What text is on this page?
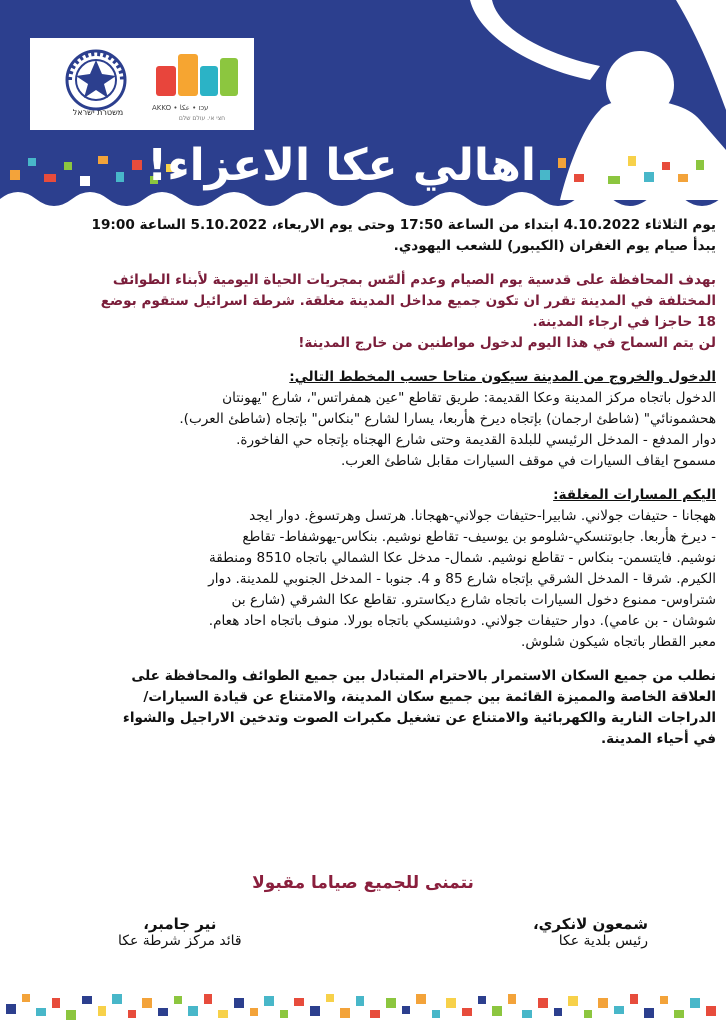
משטרת ישראל	AKKO • עכו • عكا
חצי אי. עולם שלם
اهالي عكا الاعزاء!

يوم الثلاثاء 4.10.2022 ابتداء من الساعة 17:50 وحتى يوم الاربعاء، 5.10.2022 الساعة 19:00

يبدأ صيام يوم الغفران (الكيبور) للشعب اليهودي.

بهدف المحافظة على قدسية يوم الصيام وعدم ألمّس بمجريات الحياة اليومية لأبناء الطوائف

المختلفة في المدينة تقرر ان تكون جميع مداخل المدينة مغلقة. شرطة اسرائيل ستقوم بوضع

18 حاجزا في ارجاء المدينة.

لن يتم السماح في هذا اليوم لدخول مواطنين من خارج المدينة!

الدخول والخروج من المدينة سيكون متاحا حسب المخطط التالي:

الدخول باتجاه مركز المدينة وعكا القديمة: طريق تقاطع "عين همفراتس"، شارع "يهونتان

هحشمونائي" (شاطئ ارجمان) بإتجاه ديرخ هأربعا، يسارا لشارع "بنكاس" بإتجاه (شاطئ العرب).

دوار المدفع - المدخل الرئيسي للبلدة القديمة وحتى شارع الهجناه بإتجاه حي الفاخورة.

مسموح ايقاف السيارات في موقف السيارات مقابل شاطئ العرب.

اليكم المسارات المغلقة:

ههجانا - حتيفات جولاني. شابيرا-حتيفات جولاني-ههجانا. هرتسل وهرتسوغ. دوار ايجد

- ديرخ هأربعا. جابوتنسكي-شلومو بن يوسيف- تقاطع نوشيم. بنكاس-يهوشفاط- تقاطع

نوشيم. فايتسمن- بنكاس - تقاطع نوشيم. شمال- مدخل عكا الشمالي باتجاه 8510 ومنطقة

الكيرم. شرقا - المدخل الشرقي بإتجاه شارع 85 و 4. جنوبا - المدخل الجنوبي للمدينة. دوار

شتراوس- ممنوع دخول السيارات باتجاه شارع ديكاسترو. تقاطع عكا الشرقي (شارع بن

شوشان - بن عامي). دوار حتيفات جولاني. دوشنيسكي باتجاه بورلا. منوف باتجاه احاد هعام.

معبر القطار باتجاه شيكون شلوش.

نطلب من جميع السكان الاستمرار بالاحترام المتبادل بين جميع الطوائف والمحافظة على

العلاقة الخاصة والمميزة القائمة بين جميع سكان المدينة، والامتناع عن قيادة السيارات/

الدراجات النارية والكهربائية والامتناع عن تشغيل مكبرات الصوت وتدخين الاراجيل والشواء

في أحياء المدينة.

نتمنى للجميع صياما مقبولا
شمعون لانكري،
رئيس بلدية عكا
نير جامبر،
قائد مركز شرطة عكا
